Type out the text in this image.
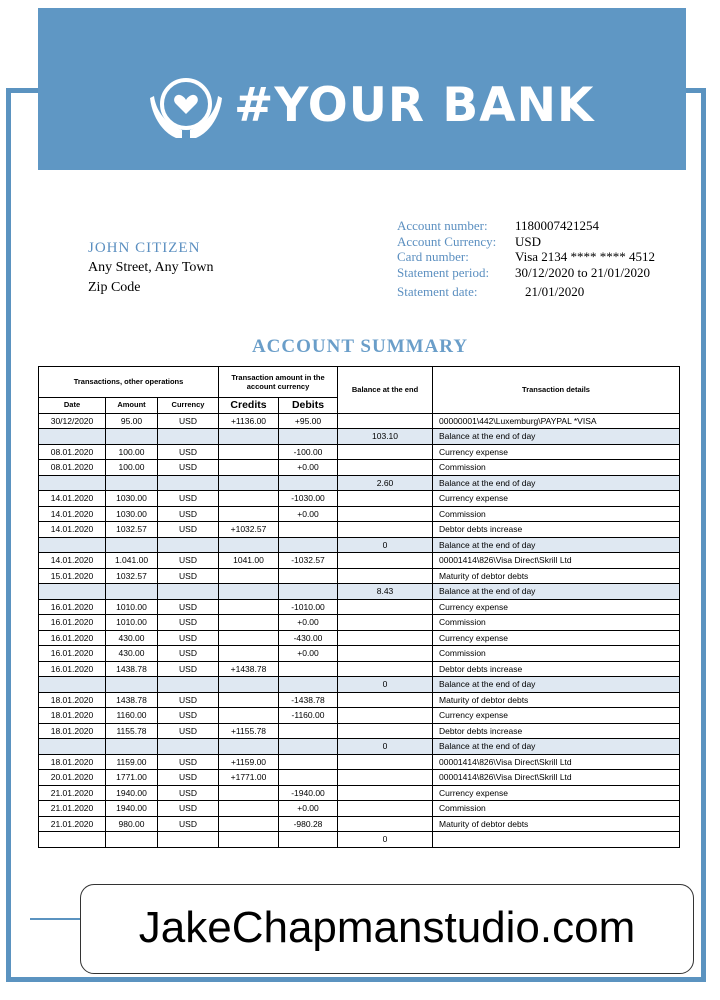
#YOUR BANK
JOHN CITIZEN
Any Street, Any Town
Zip Code
Account number:	1180007421254
Account Currency:	USD
Card number:	Visa 2134 **** **** 4512
Statement period:	30/12/2020 to 21/01/2020
Statement date:	21/01/2020
ACCOUNT SUMMARY
Transactions, other operations			Transaction amount in the account currency		Balance at the end	Transaction details
Date	Amount	Currency	Credits	Debits		
30/12/2020	95.00	USD	+1136.00	+95.00		00000001\442\Luxemburg\PAYPAL *VISA
					103.10	Balance at the end of day
08.01.2020	100.00	USD		-100.00		Currency expense
08.01.2020	100.00	USD		+0.00		Commission
					2.60	Balance at the end of day
14.01.2020	1030.00	USD		-1030.00		Currency expense
14.01.2020	1030.00	USD		+0.00		Commission
14.01.2020	1032.57	USD	+1032.57			Debtor debts increase
					0	Balance at the end of day
14.01.2020	1.041.00	USD	1041.00	-1032.57		00001414\826\Visa Direct\Skrill Ltd
15.01.2020	1032.57	USD				Maturity of debtor debts
					8.43	Balance at the end of day
16.01.2020	1010.00	USD		-1010.00		Currency expense
16.01.2020	1010.00	USD		+0.00		Commission
16.01.2020	430.00	USD		-430.00		Currency expense
16.01.2020	430.00	USD		+0.00		Commission
16.01.2020	1438.78	USD	+1438.78			Debtor debts increase
					0	Balance at the end of day
18.01.2020	1438.78	USD		-1438.78		Maturity of debtor debts
18.01.2020	1160.00	USD		-1160.00		Currency expense
18.01.2020	1155.78	USD	+1155.78			Debtor debts increase
					0	Balance at the end of day
18.01.2020	1159.00	USD	+1159.00			00001414\826\Visa Direct\Skrill Ltd
20.01.2020	1771.00	USD	+1771.00			00001414\826\Visa Direct\Skrill Ltd
21.01.2020	1940.00	USD		-1940.00		Currency expense
21.01.2020	1940.00	USD		+0.00		Commission
21.01.2020	980.00	USD		-980.28		Maturity of debtor debts
					0	
JakeChapmanstudio.com
